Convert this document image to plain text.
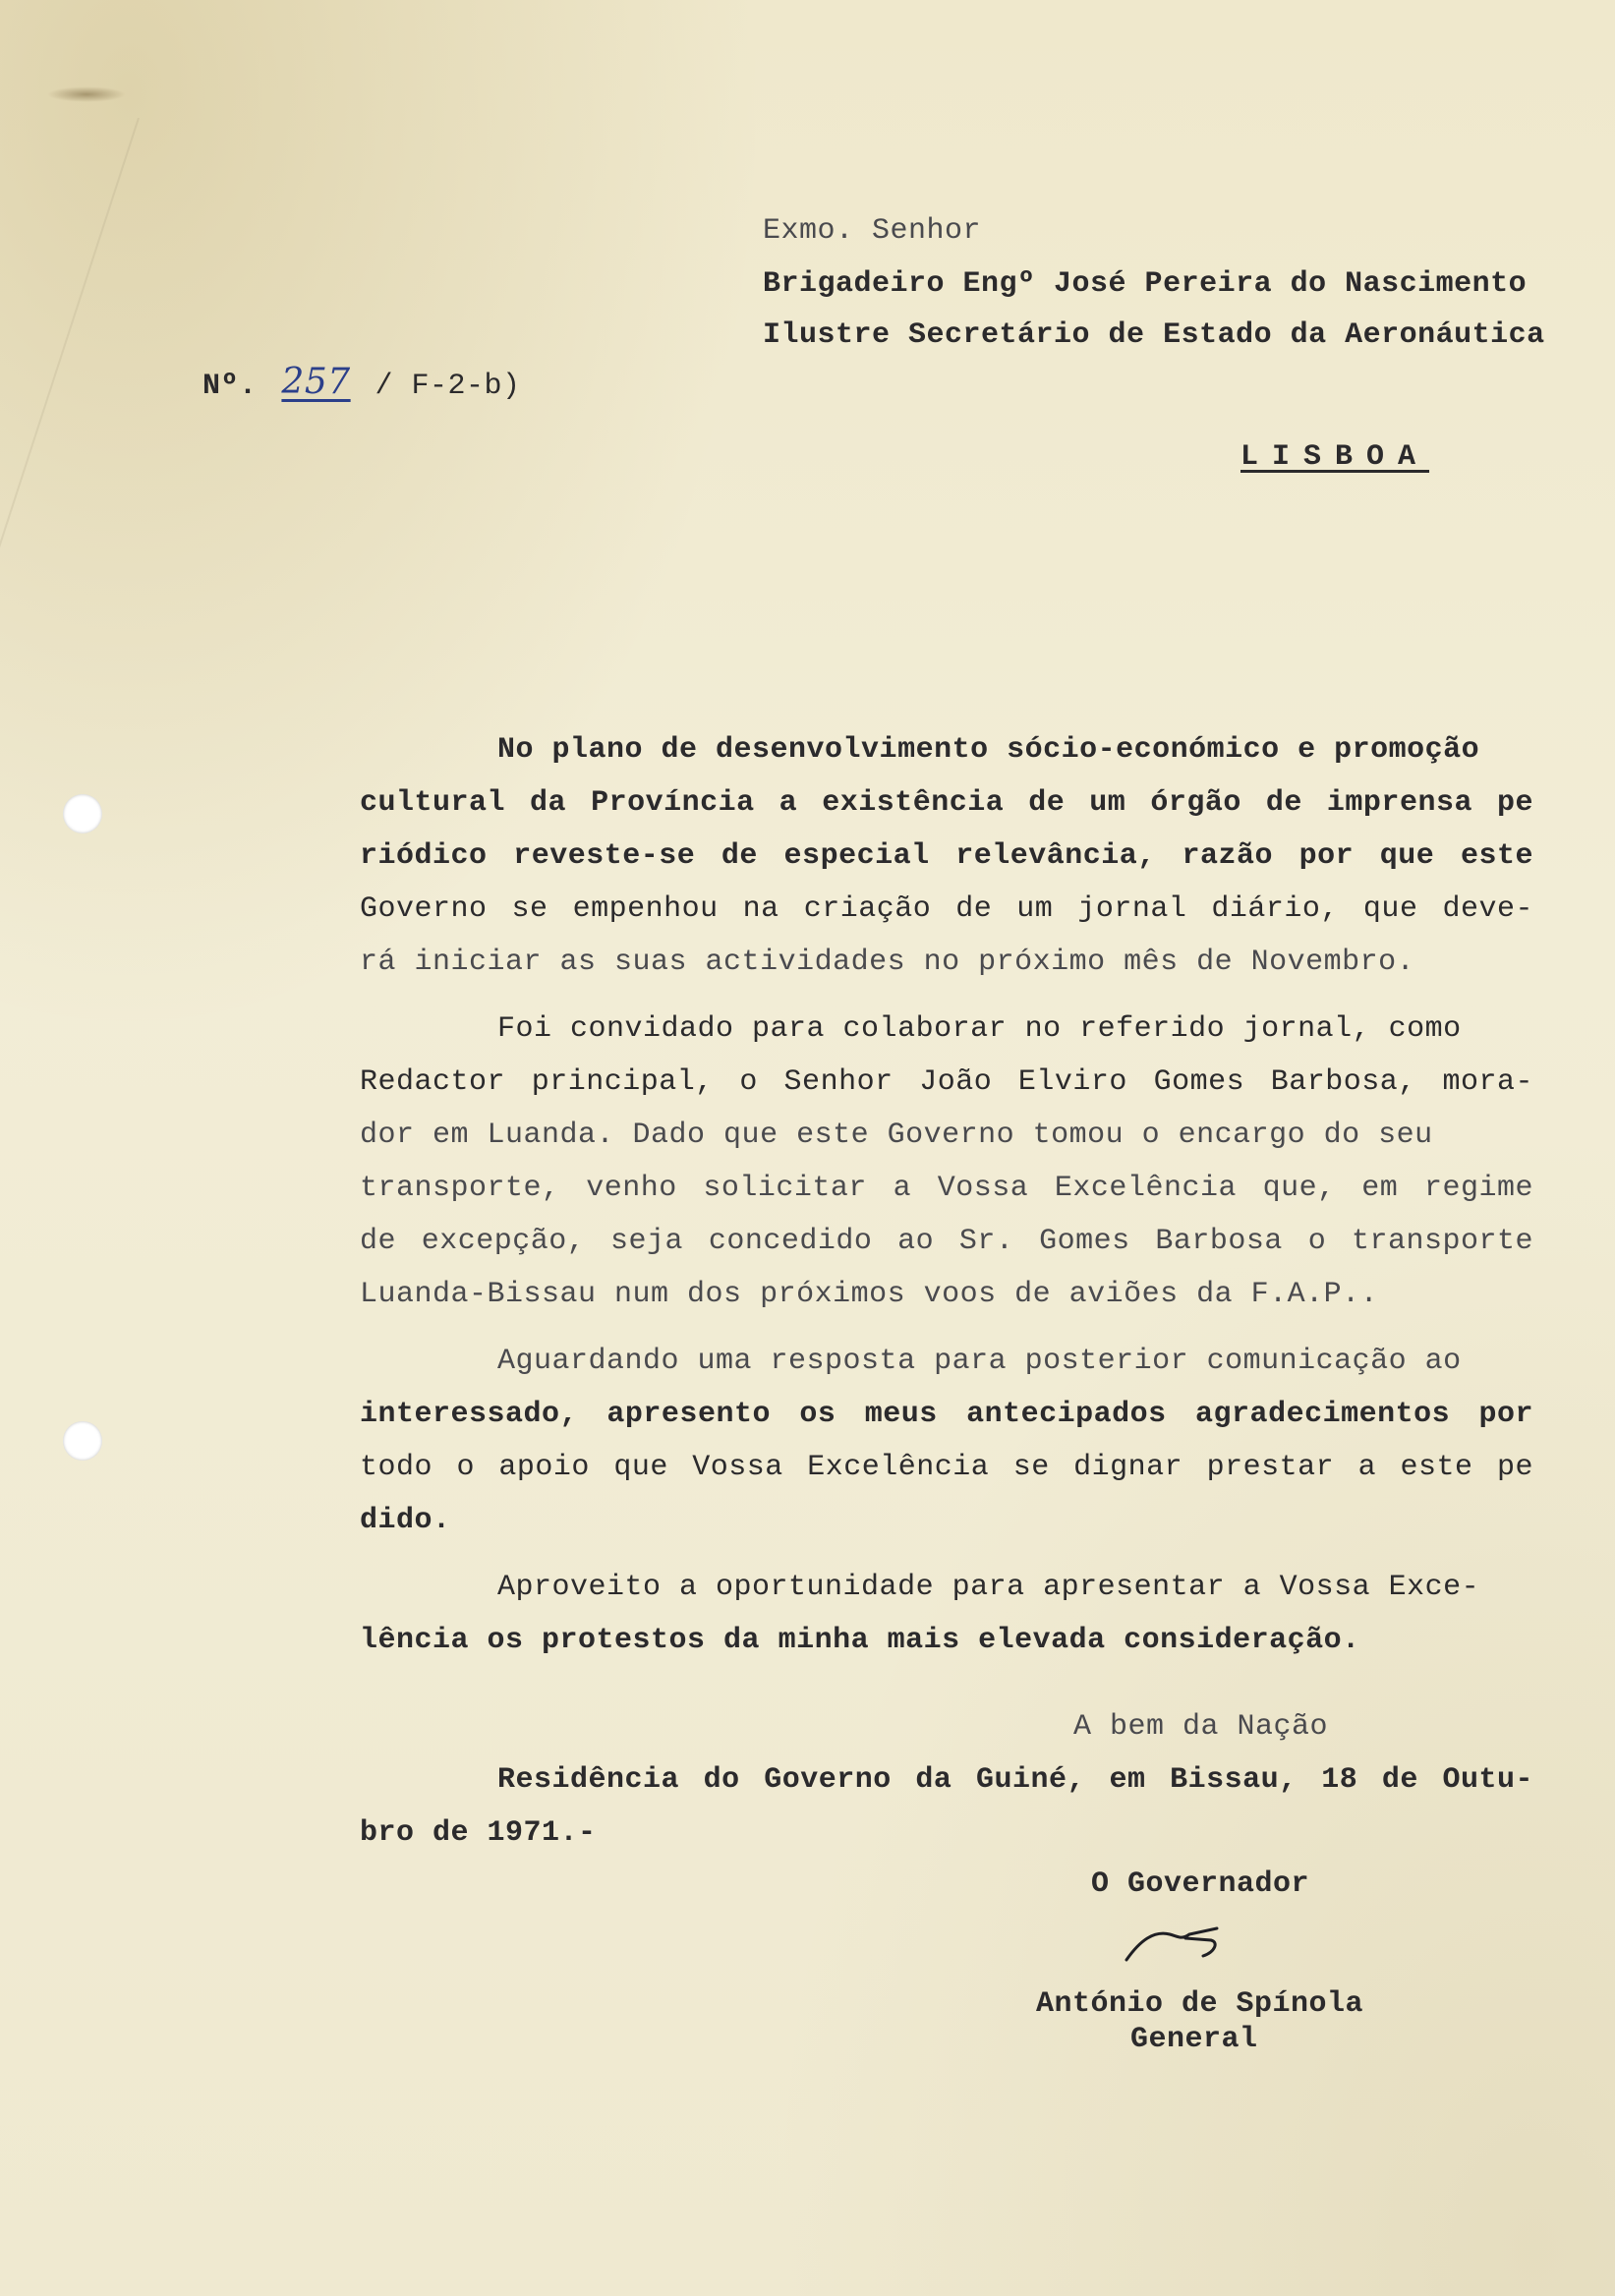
Exmo. Senhor
Brigadeiro Engº José Pereira do Nascimento
Ilustre Secretário de Estado da Aeronáutica
LISBOA

Nº. 257 / F-2-b)

No plano de desenvolvimento sócio-económico e promoção
cultural da Província a existência de um órgão de imprensa pe
riódico reveste-se de especial relevância, razão por que este
Governo se empenhou na criação de um jornal diário, que deve-
rá iniciar as suas actividades no próximo mês de Novembro.
Foi convidado para colaborar no referido jornal, como
Redactor principal, o Senhor João Elviro Gomes Barbosa, mora-
dor em Luanda. Dado que este Governo tomou o encargo do seu
transporte, venho solicitar a Vossa Excelência que, em regime
de excepção, seja concedido ao Sr. Gomes Barbosa o transporte
Luanda-Bissau num dos próximos voos de aviões da F.A.P..
Aguardando uma resposta para posterior comunicação ao
interessado, apresento os meus antecipados agradecimentos por
todo o apoio que Vossa Excelência se dignar prestar a este pe
dido.
Aproveito a oportunidade para apresentar a Vossa Exce-
lência os protestos da minha mais elevada consideração.
A bem da Nação
Residência do Governo da Guiné, em Bissau, 18 de Outu-
bro de 1971.-
O Governador
António de Spínola
General
